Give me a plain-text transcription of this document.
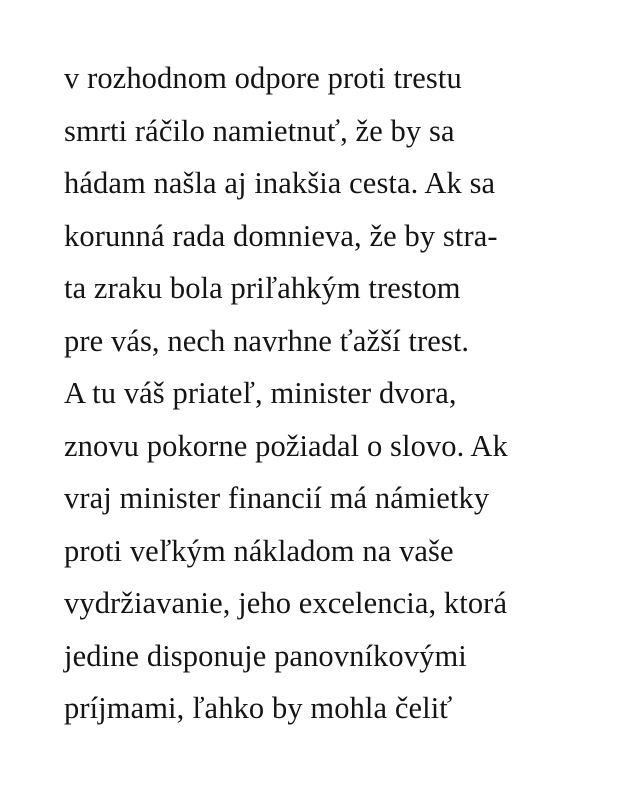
v rozhodnom odpore proti trestu
smrti ráčilo namietnuť, že by sa
hádam našla aj inakšia cesta. Ak sa
korunná rada domnieva, že by stra-
ta zraku bola priľahkým trestom
pre vás, nech navrhne ťažší trest.
A tu váš priateľ, minister dvora,
znovu pokorne požiadal o slovo. Ak
vraj minister financií má námietky
proti veľkým nákladom na vaše
vydržiavanie, jeho excelencia, ktorá
jedine disponuje panovníkovými
príjmami, ľahko by mohla čeliť
